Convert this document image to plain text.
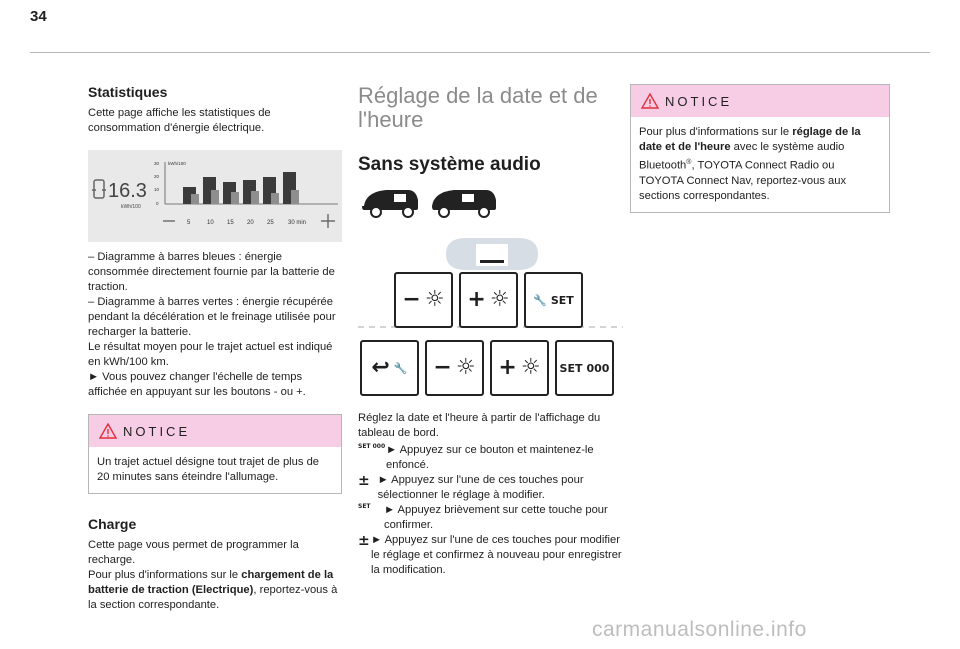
34
Statistiques

Cette page affiche les statistiques de consommation d'énergie électrique.

16.3
kWh/100
kWh/100
30
20
10
0
5	10 15 20 25 30 min

– Diagramme à barres bleues : énergie consommée directement fournie par la batterie de traction.

– Diagramme à barres vertes : énergie récupérée pendant la décélération et le freinage utilisée pour recharger la batterie.

Le résultat moyen pour le trajet actuel est indiqué en kWh/100 km.

► Vous pouvez changer l'échelle de temps affichée en appuyant sur les boutons - ou +.

NOTICE

Un trajet actuel désigne tout trajet de plus de 20 minutes sans éteindre l'allumage.

Charge

Cette page vous permet de programmer la recharge.

Pour plus d'informations sur le chargement de la batterie de traction (Electrique), reportez-vous à la section correspondante.

Réglage de la date et de l'heure
Sans système audio
− ☼ + ☼ 🔧 SET
↩ 🔧 − ☼ + ☼ SET 000

Réglez la date et l'heure à partir de l'affichage du tableau de bord.

SET 000 ► Appuyez sur ce bouton et maintenez-le enfoncé.

± ► Appuyez sur l'une de ces touches pour sélectionner le réglage à modifier.

SET	► Appuyez brièvement sur cette touche pour confirmer.

± ► Appuyez sur l'une de ces touches pour modifier le réglage et confirmez à nouveau pour enregistrer la modification.

NOTICE

Pour plus d'informations sur le réglage de la date et de l'heure avec le système audio Bluetooth®, TOYOTA Connect Radio ou TOYOTA Connect Nav, reportez-vous aux sections correspondantes.

carmanualsonline.info
